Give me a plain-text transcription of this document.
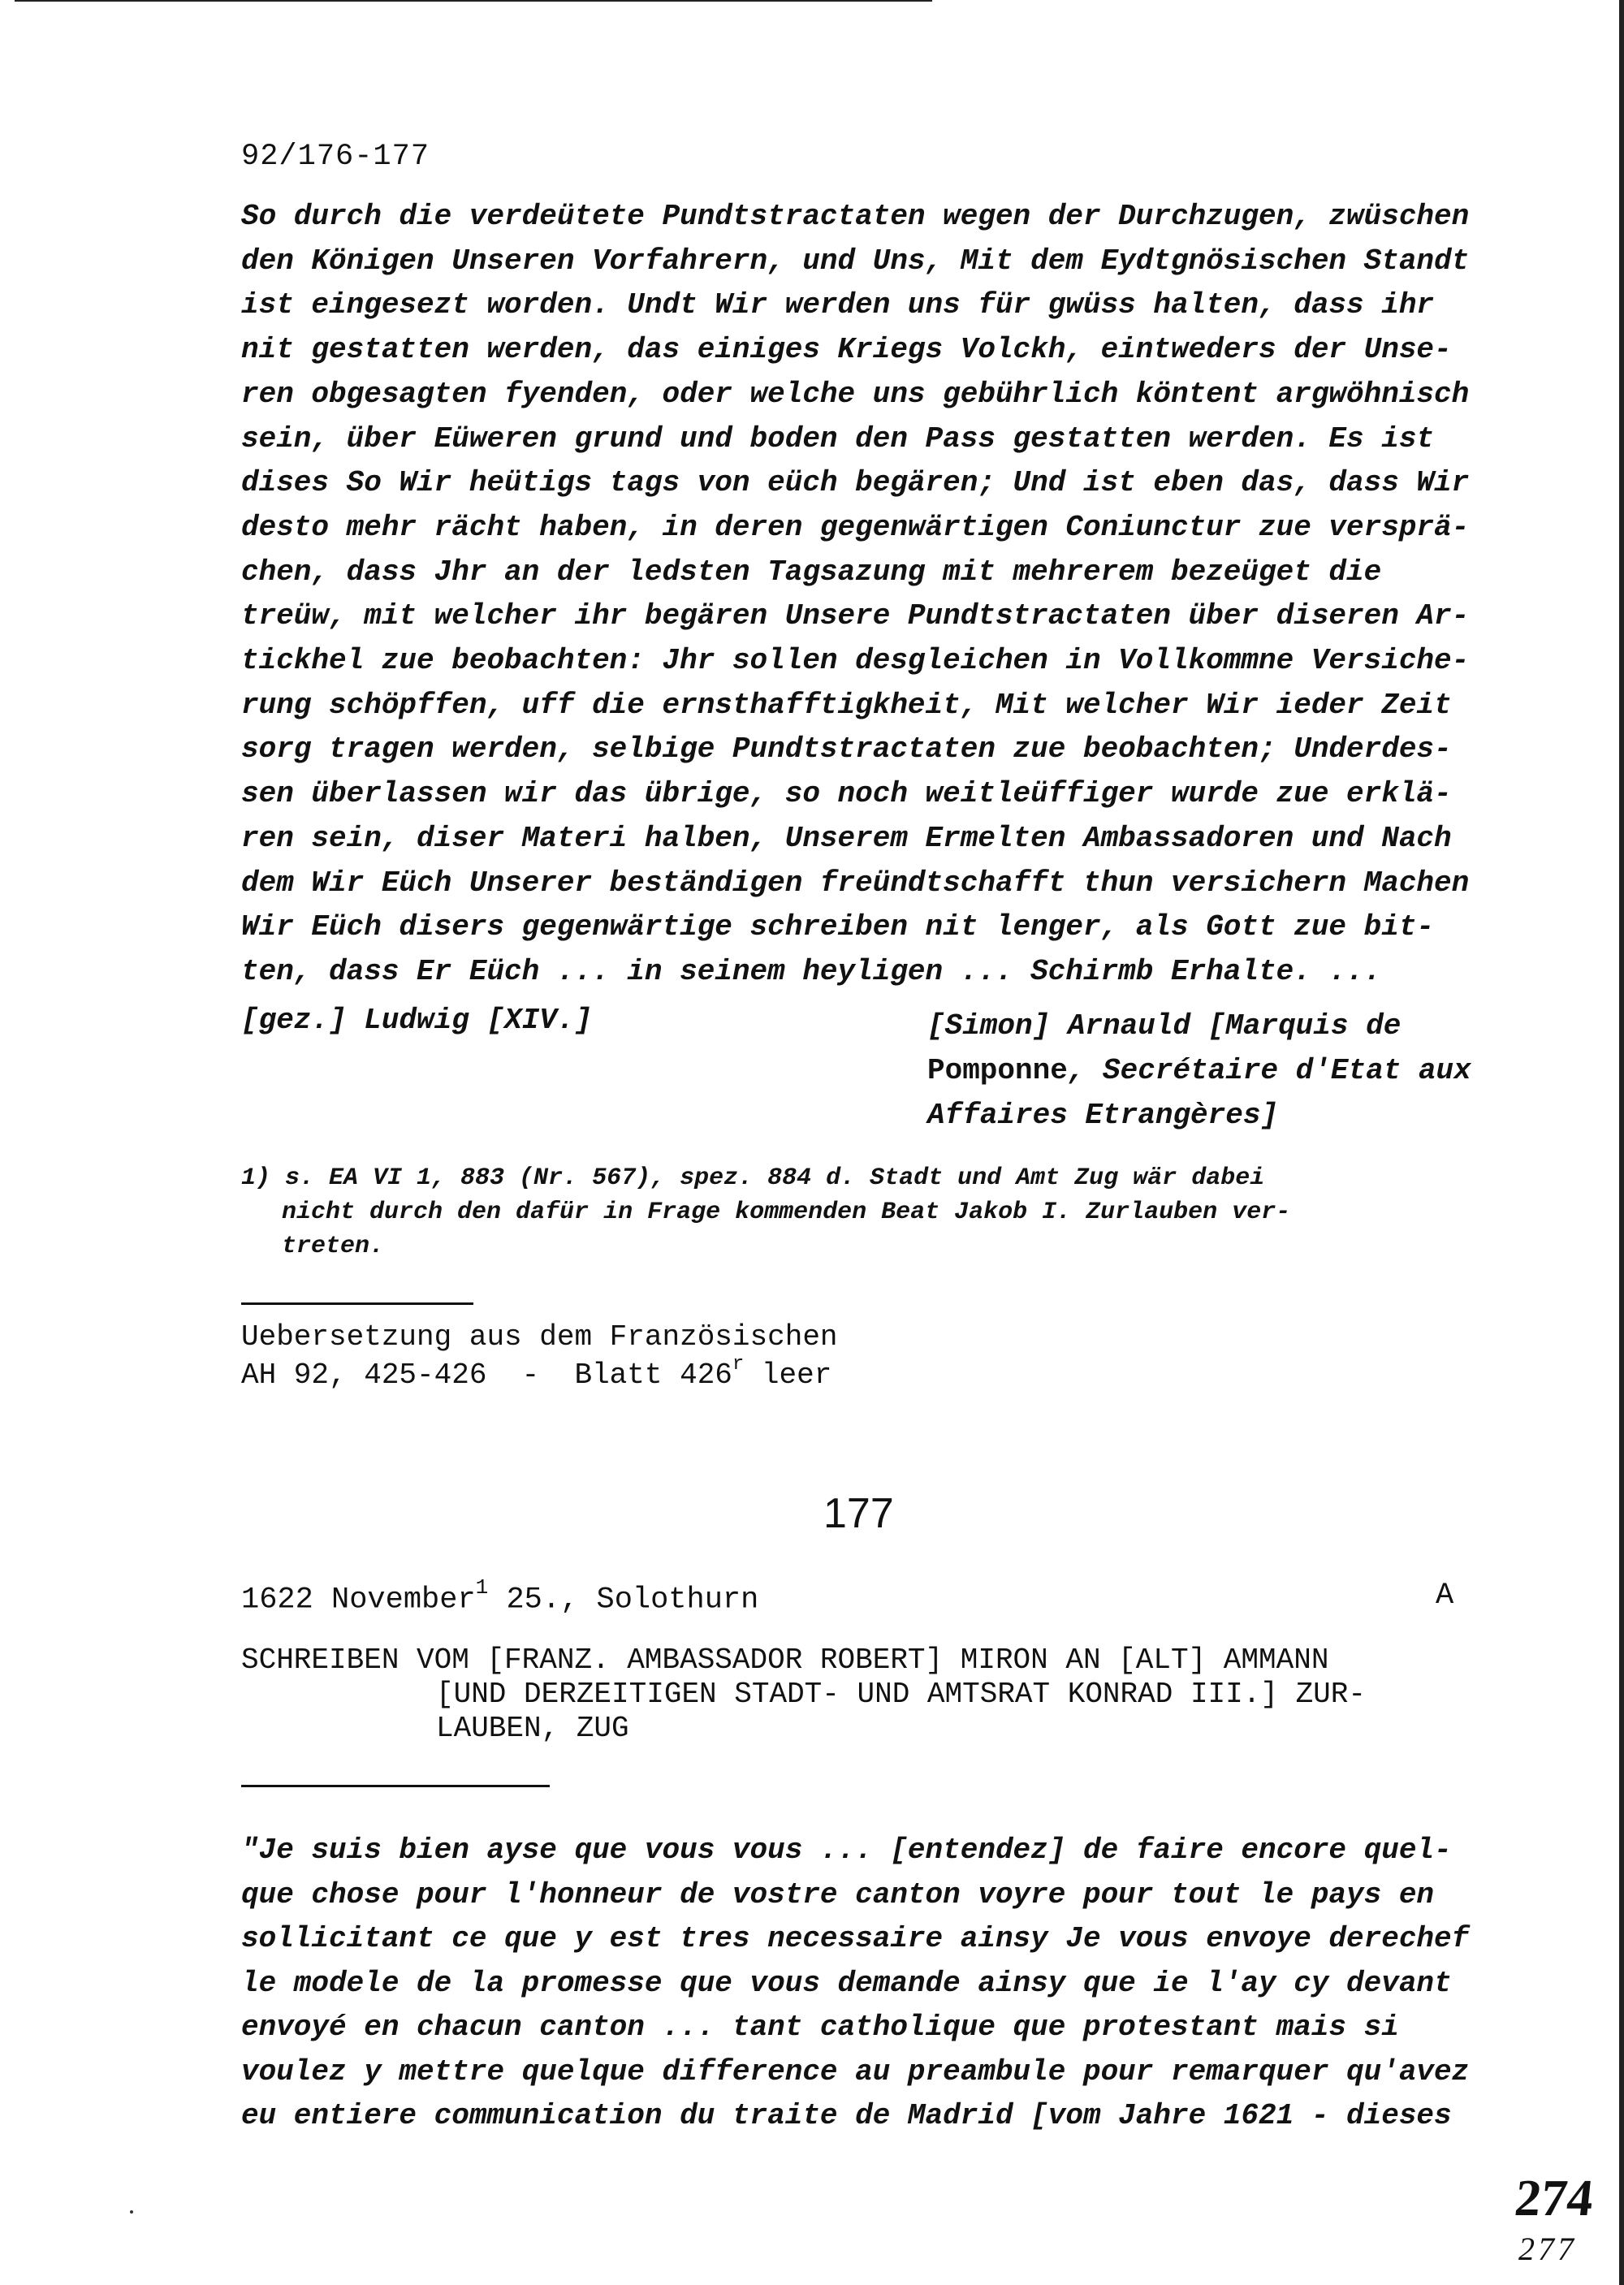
92/176-177
So durch die verdeütete Pundtstractaten wegen der Durchzugen, zwüschen
den Königen Unseren Vorfahrern, und Uns, Mit dem Eydtgnösischen Standt
ist eingesezt worden. Undt Wir werden uns für gwüss halten, dass ihr
nit gestatten werden, das einiges Kriegs Volckh, eintweders der Unse-
ren obgesagten fyenden, oder welche uns gebührlich köntent argwöhnisch
sein, über Eüweren grund und boden den Pass gestatten werden. Es ist
dises So Wir heütigs tags von eüch begären; Und ist eben das, dass Wir
desto mehr rächt haben, in deren gegenwärtigen Coniunctur zue versprä-
chen, dass Jhr an der ledsten Tagsazung mit mehrerem bezeüget die
treüw, mit welcher ihr begären Unsere Pundtstractaten über diseren Ar-
tickhel zue beobachten: Jhr sollen desgleichen in Vollkommne Versiche-
rung schöpffen, uff die ernsthafftigkheit, Mit welcher Wir ieder Zeit
sorg tragen werden, selbige Pundtstractaten zue beobachten; Underdes-
sen überlassen wir das übrige, so noch weitleüffiger wurde zue erklä-
ren sein, diser Materi halben, Unserem Ermelten Ambassadoren und Nach
dem Wir Eüch Unserer beständigen freündtschafft thun versichern Machen
Wir Eüch disers gegenwärtige schreiben nit lenger, als Gott zue bit-
ten, dass Er Eüch ... in seinem heyligen ... Schirmb Erhalte. ...
[gez.] Ludwig [XIV.]	[Simon] Arnauld [Marquis de
Pomponne, Secrétaire d'Etat aux
Affaires Etrangères]
1) s. EA VI 1, 883 (Nr. 567), spez. 884 d. Stadt und Amt Zug wär dabei
nicht durch den dafür in Frage kommenden Beat Jakob I. Zurlauben ver-
treten.
Uebersetzung aus dem Französischen
AH 92, 425-426  -  Blatt 426$^r$ leer
177
1622 November$^1$ 25., Solothurn	A
SCHREIBEN VOM [FRANZ. AMBASSADOR ROBERT] MIRON AN [ALT] AMMANN
[UND DERZEITIGEN STADT- UND AMTSRAT KONRAD III.] ZUR-
LAUBEN, ZUG
"Je suis bien ayse que vous vous ... [entendez] de faire encore quel-
que chose pour l'honneur de vostre canton voyre pour tout le pays en
sollicitant ce que y est tres necessaire ainsy Je vous envoye derechef
le modele de la promesse que vous demande ainsy que ie l'ay cy devant
envoyé en chacun canton ... tant catholique que protestant mais si
voulez y mettre quelque difference au preambule pour remarquer qu'avez
eu entiere communication du traite de Madrid [vom Jahre 1621 - dieses
274
277
